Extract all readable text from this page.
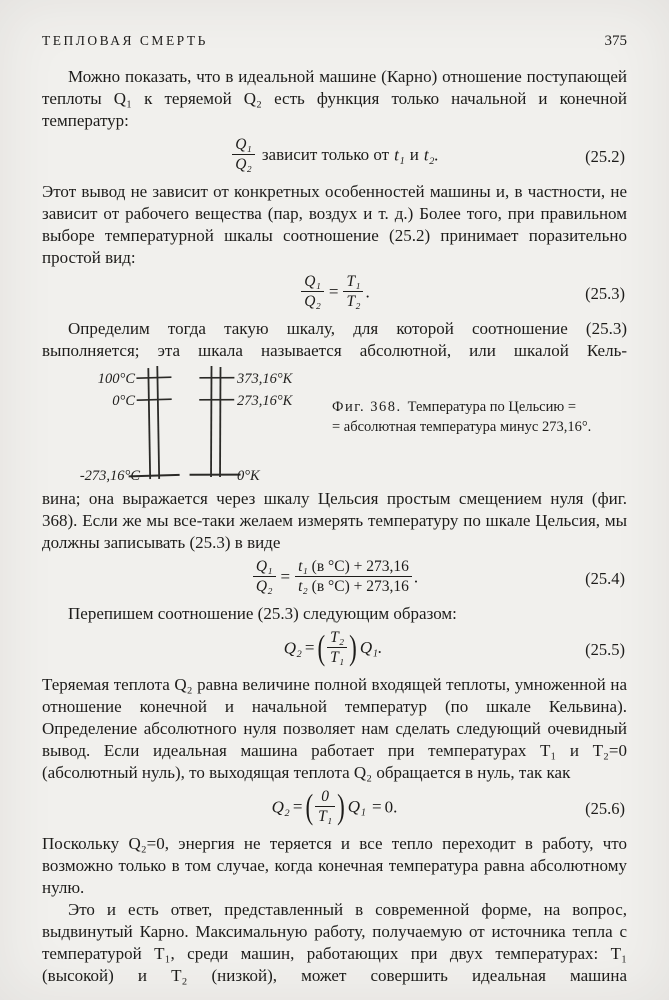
ТЕПЛОВАЯ СМЕРТЬ	375

Можно показать, что в идеальной машине (Карно) отношение поступающей теплоты Q₁ к теряемой Q₂ есть функция только начальной и конечной температур:

$\frac{\text{Q₁}}{\text{Q₂}}$ зависит только от t₁ и t₂.	(25.2)

Этот вывод не зависит от конкретных особенностей машины и, в частности, не зависит от рабочего вещества (пар, воздух и т. д.) Более того, при правильном выборе температурной шкалы соотношение (25.2) принимает поразительно простой вид:

$\frac{\text{Q₁}}{\text{Q₂}} = \frac{\text{T₁}}{\text{T₂}}$ .	(25.3)

Определим тогда такую шкалу, для которой соотношение (25.3) выполняется; эта шкала называется абсолютной, или шкалой Кель-

100°C
0°C
-273,16°C
373,16°K
273,16°K
0°K
Фиг. 368. Температура по Цельсию =
= абсолютная температура минус 273,16°.

вина; она выражается через шкалу Цельсия простым смещением нуля (фиг. 368). Если же мы все-таки желаем измерять температуру по шкале Цельсия, мы должны записывать (25.3) в виде

$\frac{\text{Q₁}}{\text{Q₂}} = \frac{\text{t₁ (в °C) + 273,16}}{\text{t₂ (в °C) + 273,16}}$ .	(25.4)

Перепишем соотношение (25.3) следующим образом:

Q₂ = ( $\frac{\text{T₂}}{\text{T₁}}$ ) Q₁.	(25.5)

Теряемая теплота Q₂ равна величине полной входящей теплоты, умноженной на отношение конечной и начальной температур (по шкале Кельвина). Определение абсолютного нуля позволяет нам сделать следующий очевидный вывод. Если идеальная машина работает при температурах T₁ и T₂=0 (абсолютный нуль), то выходящая теплота Q₂ обращается в нуль, так как

Q₂ = ( $\frac{0}{\text{T₁}}$ ) Q₁ = 0.	(25.6)

Поскольку Q₂=0, энергия не теряется и все тепло переходит в работу, что возможно только в том случае, когда конечная температура равна абсолютному нулю.

Это и есть ответ, представленный в современной форме, на вопрос, выдвинутый Карно. Максимальную работу, получаемую от источника тепла с температурой T₁, среди машин, работающих при двух температурах: T₁ (высокой) и T₂ (низкой), может совершить идеальная машина
